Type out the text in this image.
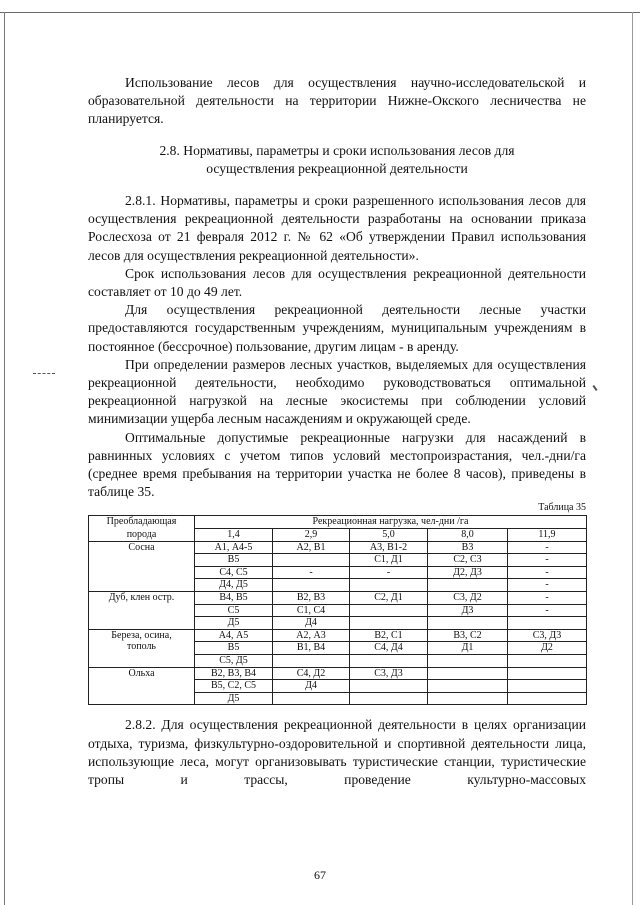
Использование лесов для осуществления научно-исследовательской и образовательной деятельности на территории Нижне-Окского лесничества не планируется.

2.8. Нормативы, параметры и сроки использования лесов для

осуществления рекреационной деятельности

2.8.1. Нормативы, параметры и сроки разрешенного использования лесов для осуществления рекреационной деятельности разработаны на основании приказа Рослесхоза от 21 февраля 2012 г. № 62 «Об утверждении Правил использования лесов для осуществления рекреационной деятельности».

Срок использования лесов для осуществления рекреационной деятельности составляет от 10 до 49 лет.

Для осуществления рекреационной деятельности лесные участки предоставляются государственным учреждениям, муниципальным учреждениям в постоянное (бессрочное) пользование, другим лицам - в аренду.

При определении размеров лесных участков, выделяемых для осуществления рекреационной деятельности, необходимо руководствоваться оптимальной рекреационной нагрузкой на лесные экосистемы при соблюдении условий минимизации ущерба лесным насаждениям и окружающей среде.

Оптимальные допустимые рекреационные нагрузки для насаждений в равнинных условиях с учетом типов условий местопроизрастания, чел.-дни/га (среднее время пребывания на территории участка не более 8 часов), приведены в таблице 35.

Таблица 35
Преобладающая	Рекреационная нагрузка, чел-дни /га				
порода	1,4	2,9	5,0	8,0	11,9
Сосна	А1, А4-5	А2, В1	А3, В1-2	В3	-
	В5		С1, Д1	С2, С3	-
	С4, С5	-	-	Д2, Д3	-
	Д4, Д5				-
Дуб, клен остр.	В4, В5	В2, В3	С2, Д1	С3, Д2	-
	С5	С1, С4		Д3	-
	Д5	Д4			
Береза, осина,
тополь	А4, А5	А2, А3	В2, С1	В3, С2	С3, Д3
	В5	В1, В4	С4, Д4	Д1	Д2
	С5, Д5				
Ольха	В2, В3, В4	С4, Д2	С3, Д3		
	В5, С2, С5	Д4			
	Д5				

2.8.2. Для осуществления рекреационной деятельности в целях организации отдыха, туризма, физкультурно-оздоровительной и спортивной деятельности лица, использующие леса, могут организовывать туристические станции, туристические тропы и трассы, проведение культурно-массовых

67
